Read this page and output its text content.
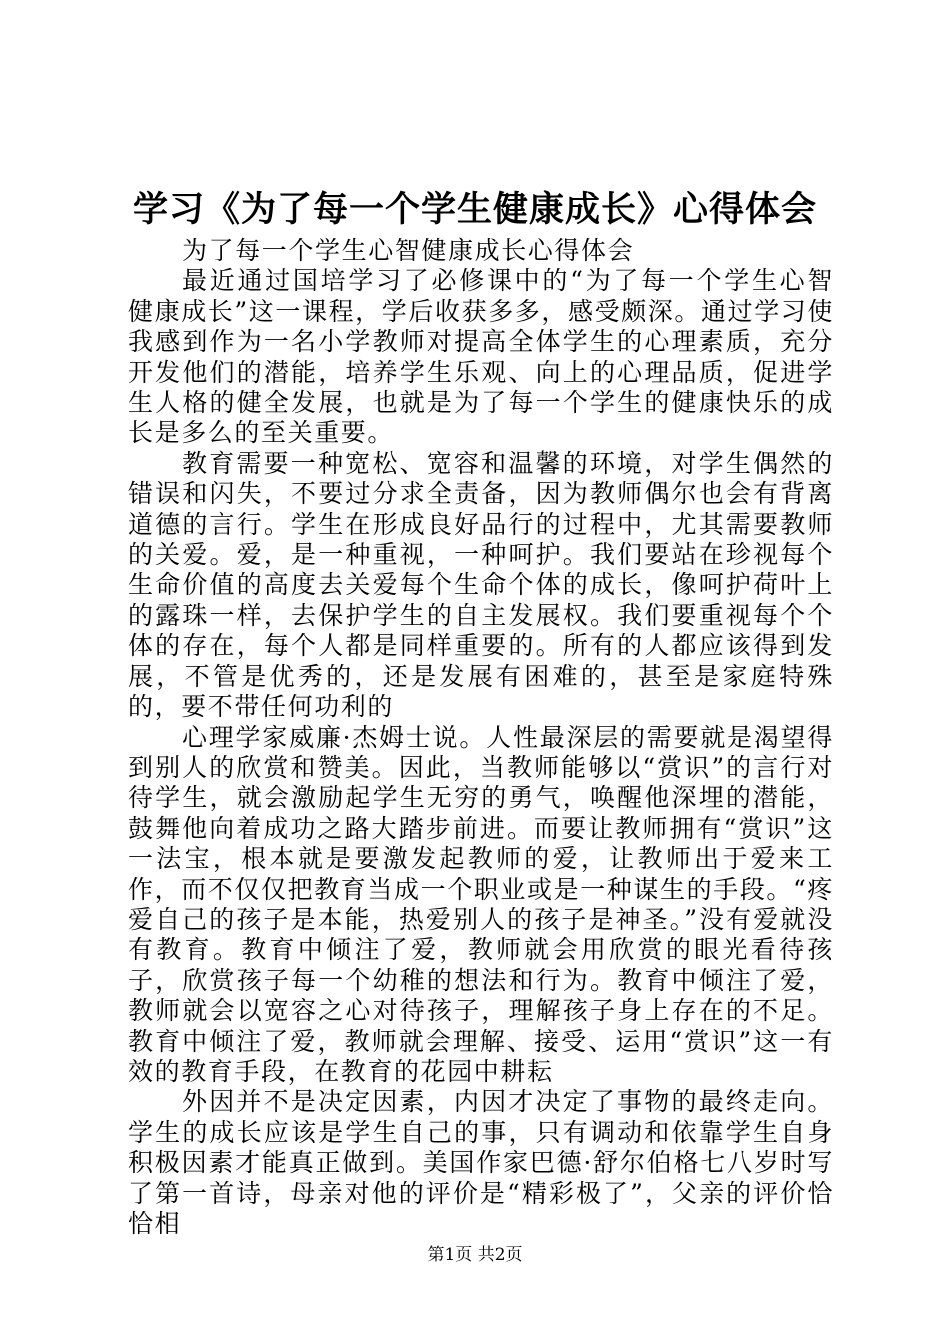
学习《为了每一个学生健康成长》心得体会

为了每一个学生心智健康成长心得体会

最近通过国培学习了必修课中的“为了每一个学生心智健康成长”这一课程，学后收获多多，感受颇深。通过学习使我感到作为一名小学教师对提高全体学生的心理素质，充分开发他们的潜能，培养学生乐观、向上的心理品质，促进学生人格的健全发展，也就是为了每一个学生的健康快乐的成长是多么的至关重要。

教育需要一种宽松、宽容和温馨的环境，对学生偶然的错误和闪失，不要过分求全责备，因为教师偶尔也会有背离道德的言行。学生在形成良好品行的过程中，尤其需要教师的关爱。爱，是一种重视，一种呵护。我们要站在珍视每个生命价值的高度去关爱每个生命个体的成长，像呵护荷叶上的露珠一样，去保护学生的自主发展权。我们要重视每个个体的存在，每个人都是同样重要的。所有的人都应该得到发展，不管是优秀的，还是发展有困难的，甚至是家庭特殊的，要不带任何功利的

心理学家威廉·杰姆士说。人性最深层的需要就是渴望得到别人的欣赏和赞美。因此，当教师能够以“赏识”的言行对待学生，就会激励起学生无穷的勇气，唤醒他深埋的潜能，鼓舞他向着成功之路大踏步前进。而要让教师拥有“赏识”这一法宝，根本就是要激发起教师的爱，让教师出于爱来工作，而不仅仅把教育当成一个职业或是一种谋生的手段。“疼爱自己的孩子是本能，热爱别人的孩子是神圣。”没有爱就没有教育。教育中倾注了爱，教师就会用欣赏的眼光看待孩子，欣赏孩子每一个幼稚的想法和行为。教育中倾注了爱，教师就会以宽容之心对待孩子，理解孩子身上存在的不足。教育中倾注了爱，教师就会理解、接受、运用“赏识”这一有效的教育手段，在教育的花园中耕耘

外因并不是决定因素，内因才决定了事物的最终走向。学生的成长应该是学生自己的事，只有调动和依靠学生自身积极因素才能真正做到。美国作家巴德·舒尔伯格七八岁时写了第一首诗，母亲对他的评价是“精彩极了”，父亲的评价恰恰相

第1页 共2页
